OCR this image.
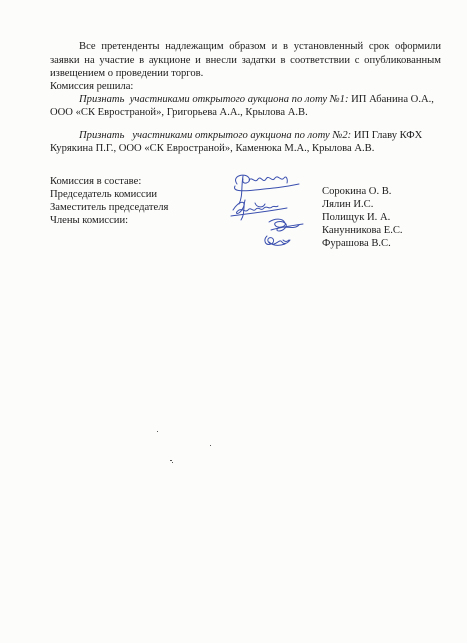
Все претенденты надлежащим образом и в установленный срок оформили

заявки на участие в аукционе и внесли задатки в соответствии с опубликованным

извещением о проведении торгов.

Комиссия решила:

Признать участниками открытого аукциона по лоту №1: ИП Абанина О.А.,

ООО «СК Евространой», Григорьева А.А., Крылова А.В.

Признать участниками открытого аукциона по лоту №2: ИП Главу КФХ

Курякина П.Г., ООО «СК Евространой», Каменюка М.А., Крылова А.В.

Комиссия в составе:

Председатель комиссии

Заместитель председателя

Члены комиссии:

Сорокина О. В.

Лялин И.С.

Полищук И. А.

Канунникова Е.С.

Фурашова В.С.
